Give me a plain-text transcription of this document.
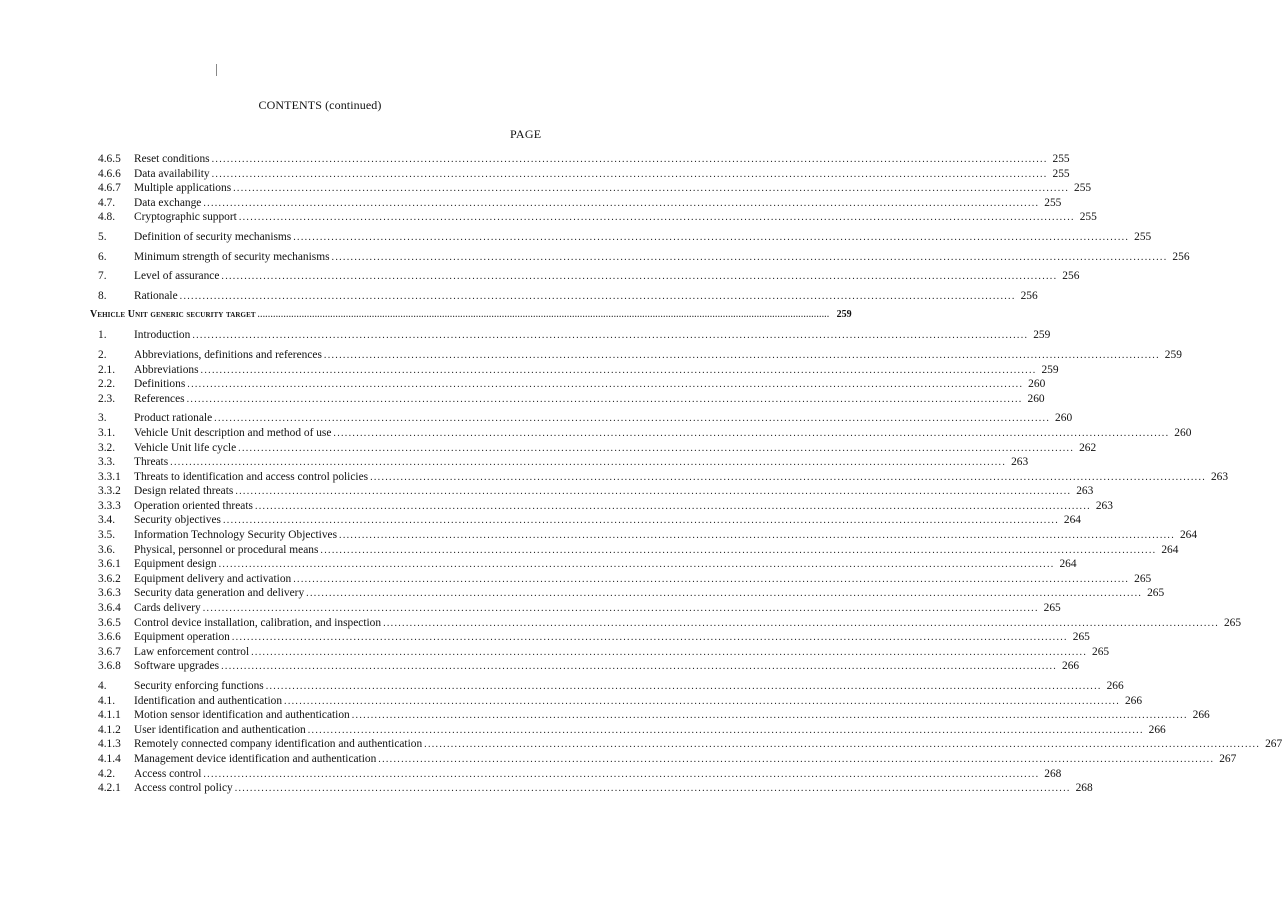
CONTENTS (continued)
PAGE
4.6.5 Reset conditions ............................................................................................................................................................................................................................ 255
4.6.6 Data availability ............................................................................................................................................................................................................................ 255
4.6.7 Multiple applications ............................................................................................................................................................................................................................ 255
4.7. Data exchange ............................................................................................................................................................................................................................ 255
4.8. Cryptographic support ............................................................................................................................................................................................................................ 255
5. Definition of security mechanisms ............................................................................................................................................................................................................................ 255
6. Minimum strength of security mechanisms ............................................................................................................................................................................................................................ 256
7. Level of assurance ............................................................................................................................................................................................................................ 256
8. Rationale ............................................................................................................................................................................................................................ 256
Vehicle Unit generic security target ............................................................................................................................................................................................................................ 259
1. Introduction ............................................................................................................................................................................................................................ 259
2. Abbreviations, definitions and references ............................................................................................................................................................................................................................ 259
2.1. Abbreviations ............................................................................................................................................................................................................................ 259
2.2. Definitions ............................................................................................................................................................................................................................ 260
2.3. References ............................................................................................................................................................................................................................ 260
3. Product rationale ............................................................................................................................................................................................................................ 260
3.1. Vehicle Unit description and method of use ............................................................................................................................................................................................................................ 260
3.2. Vehicle Unit life cycle ............................................................................................................................................................................................................................ 262
3.3. Threats ............................................................................................................................................................................................................................ 263
3.3.1 Threats to identification and access control policies ............................................................................................................................................................................................................................ 263
3.3.2 Design related threats ............................................................................................................................................................................................................................ 263
3.3.3 Operation oriented threats ............................................................................................................................................................................................................................ 263
3.4. Security objectives ............................................................................................................................................................................................................................ 264
3.5. Information Technology Security Objectives ............................................................................................................................................................................................................................ 264
3.6. Physical, personnel or procedural means ............................................................................................................................................................................................................................ 264
3.6.1 Equipment design ............................................................................................................................................................................................................................ 264
3.6.2 Equipment delivery and activation ............................................................................................................................................................................................................................ 265
3.6.3 Security data generation and delivery ............................................................................................................................................................................................................................ 265
3.6.4 Cards delivery ............................................................................................................................................................................................................................ 265
3.6.5 Control device installation, calibration, and inspection ............................................................................................................................................................................................................................ 265
3.6.6 Equipment operation ............................................................................................................................................................................................................................ 265
3.6.7 Law enforcement control ............................................................................................................................................................................................................................ 265
3.6.8 Software upgrades ............................................................................................................................................................................................................................ 266
4. Security enforcing functions ............................................................................................................................................................................................................................ 266
4.1. Identification and authentication ............................................................................................................................................................................................................................ 266
4.1.1 Motion sensor identification and authentication ............................................................................................................................................................................................................................ 266
4.1.2 User identification and authentication ............................................................................................................................................................................................................................ 266
4.1.3 Remotely connected company identification and authentication ............................................................................................................................................................................................................................ 267
4.1.4 Management device identification and authentication ............................................................................................................................................................................................................................ 267
4.2. Access control ............................................................................................................................................................................................................................ 268
4.2.1 Access control policy ............................................................................................................................................................................................................................ 268
